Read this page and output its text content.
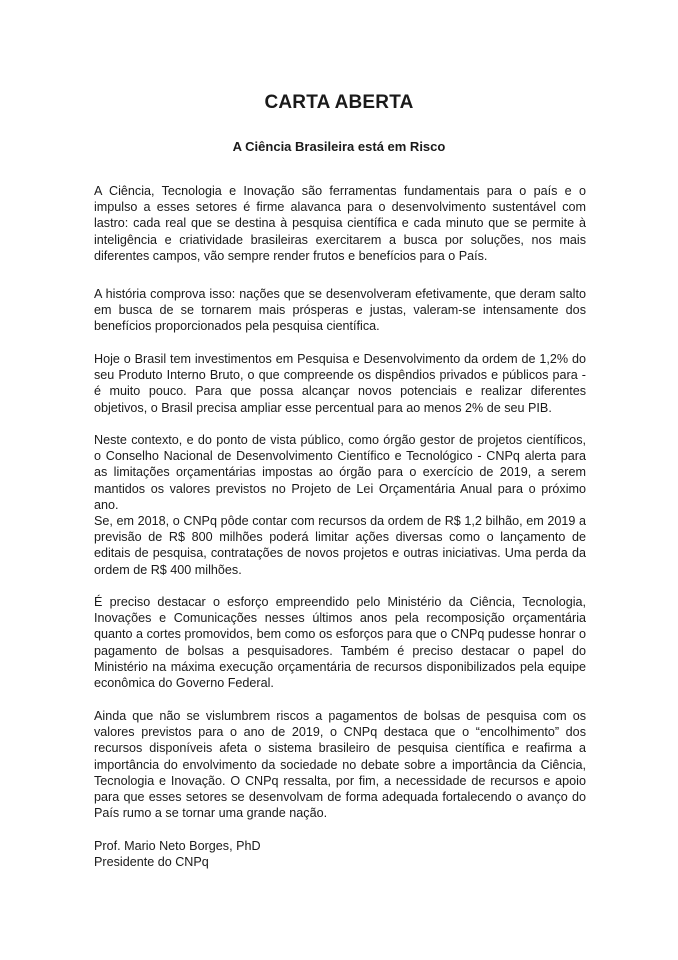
CARTA ABERTA
A Ciência Brasileira está em Risco

A Ciência, Tecnologia e Inovação são ferramentas fundamentais para o país e o impulso a esses setores é firme alavanca para o desenvolvimento sustentável com lastro: cada real que se destina à pesquisa científica e cada minuto que se permite à inteligência e criatividade brasileiras exercitarem a busca por soluções, nos mais diferentes campos, vão sempre render frutos e benefícios para o País.

A história comprova isso: nações que se desenvolveram efetivamente, que deram salto em busca de se tornarem mais prósperas e justas, valeram-se intensamente dos benefícios proporcionados pela pesquisa científica.

Hoje o Brasil tem investimentos em Pesquisa e Desenvolvimento da ordem de 1,2% do seu Produto Interno Bruto, o que compreende os dispêndios privados e públicos para - é muito pouco. Para que possa alcançar novos potenciais e realizar diferentes objetivos, o Brasil precisa ampliar esse percentual para ao menos 2% de seu PIB.

Neste contexto, e do ponto de vista público, como órgão gestor de projetos científicos, o Conselho Nacional de Desenvolvimento Científico e Tecnológico - CNPq alerta para as limitações orçamentárias impostas ao órgão para o exercício de 2019, a serem mantidos os valores previstos no Projeto de Lei Orçamentária Anual para o próximo ano.

Se, em 2018, o CNPq pôde contar com recursos da ordem de R$ 1,2 bilhão, em 2019 a previsão de R$ 800 milhões poderá limitar ações diversas como o lançamento de editais de pesquisa, contratações de novos projetos e outras iniciativas. Uma perda da ordem de R$ 400 milhões.

É preciso destacar o esforço empreendido pelo Ministério da Ciência, Tecnologia, Inovações e Comunicações nesses últimos anos pela recomposição orçamentária quanto a cortes promovidos, bem como os esforços para que o CNPq pudesse honrar o pagamento de bolsas a pesquisadores. Também é preciso destacar o papel do Ministério na máxima execução orçamentária de recursos disponibilizados pela equipe econômica do Governo Federal.

Ainda que não se vislumbrem riscos a pagamentos de bolsas de pesquisa com os valores previstos para o ano de 2019, o CNPq destaca que o “encolhimento” dos recursos disponíveis afeta o sistema brasileiro de pesquisa científica e reafirma a importância do envolvimento da sociedade no debate sobre a importância da Ciência, Tecnologia e Inovação. O CNPq ressalta, por fim, a necessidade de recursos e apoio para que esses setores se desenvolvam de forma adequada fortalecendo o avanço do País rumo a se tornar uma grande nação.

Prof. Mario Neto Borges, PhD
Presidente do CNPq
